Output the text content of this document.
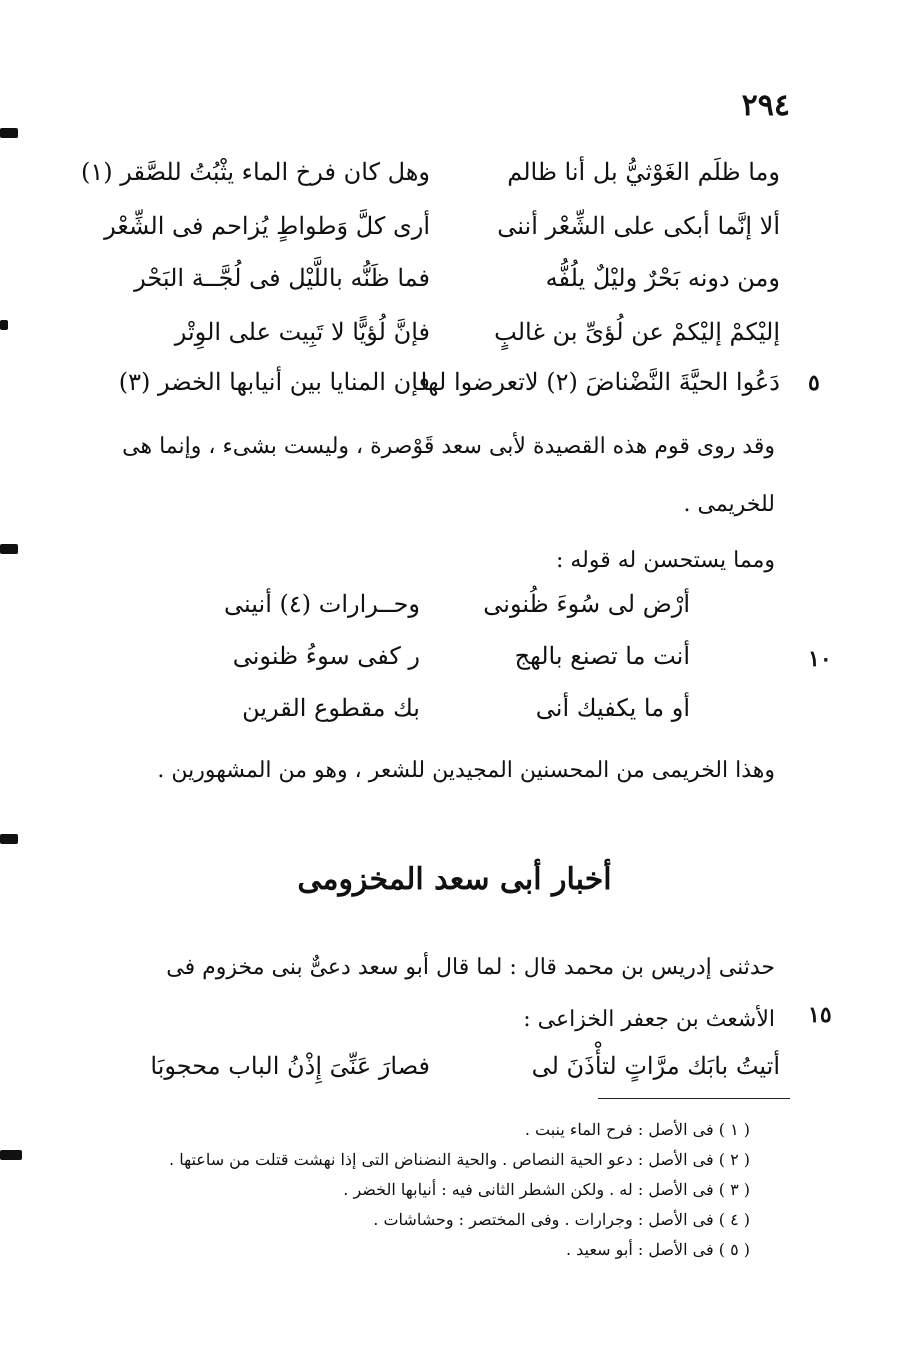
٢٩٤
وما ظلَم الغَوْثيُّ بل أنا ظالم
وهل كان فرخ الماء يثْبُتُ للصَّقر (١)
ألا إنَّما أبكى على الشِّعْر أننى
أرى كلَّ وَطواطٍ يُزاحم فى الشِّعْر
ومن دونه بَحْرٌ وليْلٌ يلُفُّه
فما ظَنُّه باللَّيْل فى لُجَّــة البَحْر
إليْكمْ إليْكمْ عن لُؤىِّ بن غالبٍ
فإنَّ لُؤيًّا لا تَبِيت على الوِتْر
دَعُوا الحيَّةَ النَّضْناضَ (٢) لاتعرضوا لها
فإن المنايا بين أنيابها الخضر (٣)	٥
وقد روى قوم هذه القصيدة لأبى سعد قَوْصرة ، وليست بشىء ، وإنما هى للخريمى .
ومما يستحسن له قوله :
أرْض لى سُوءَ ظُنونى
وحــرارات (٤) أنينى
أنت ما تصنع بالهج
ر كفى سوءُ ظنونى	١٠
أو ما يكفيك أنى
بك مقطوع القرين
وهذا الخريمى من المحسنين المجيدين للشعر ، وهو من المشهورين .
أخبار أبى سعد المخزومى
حدثنى إدريس بن محمد قال : لما قال أبو سعد دعىٌّ بنى مخزوم فى الأشعث بن جعفر الخزاعى : ١٥
أتيتُ بابَك مرَّاتٍ لتأْذَنَ لى
فصارَ عَنِّىَ إِذْنُ الباب محجوبَا
( ١ ) فى الأصل : فرح الماء ينبت .
( ٢ ) فى الأصل : دعو الحية النصاص . والحية النضناض التى إذا نهشت قتلت من ساعتها .
( ٣ ) فى الأصل : له . ولكن الشطر الثانى فيه : أنيابها الخضر .
( ٤ ) فى الأصل : وجرارات . وفى المختصر : وحشاشات .
( ٥ ) فى الأصل : أبو سعيد .
